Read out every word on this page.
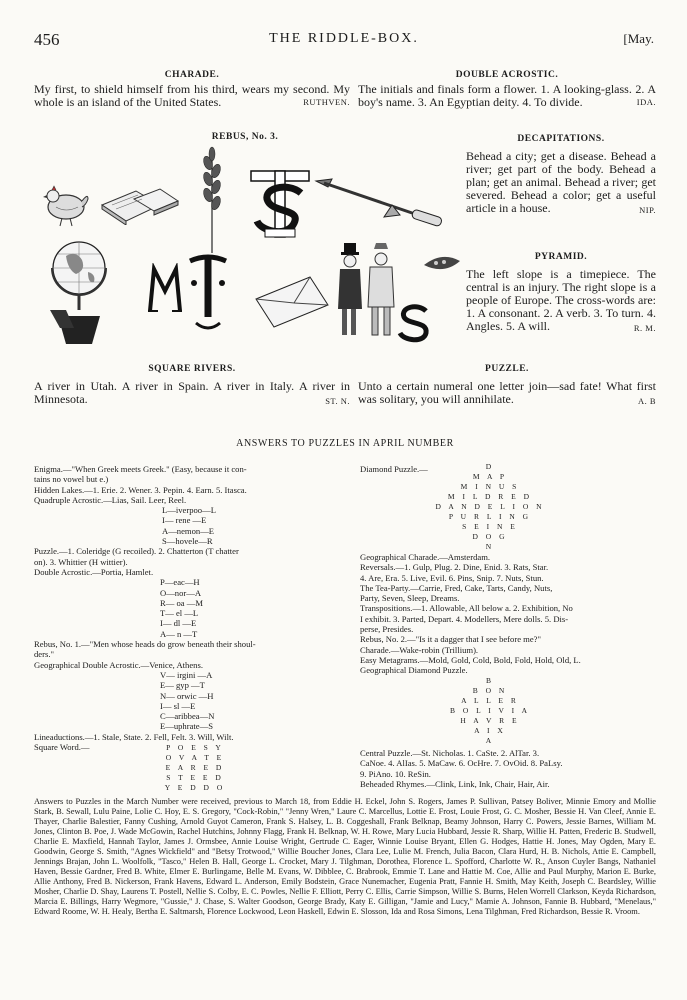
456	THE RIDDLE-BOX.	[May.
CHARADE.
My first, to shield himself from his third, wears my second. My whole is an island of the United States.	RUTHVEN.
DOUBLE ACROSTIC.
The initials and finals form a flower. 1. A looking-glass. 2. A boy's name. 3. An Egyptian deity. 4. To divide.	IDA.
REBUS, No. 3.	DECAPITATIONS.
Behead a city; get a disease. Behead a river; get part of the body. Behead a plan; get an animal. Behead a river; get severed. Behead a color; get a useful article in a house.	NIP.
PYRAMID.
The left slope is a timepiece. The central is an injury. The right slope is a people of Europe. The cross-words are: 1. A consonant. 2. A verb. 3. To turn. 4. Angles. 5. A will.	R. M.
SQUARE RIVERS.
A river in Utah. A river in Spain. A river in Italy. A river in Minnesota.	ST. N.
PUZZLE.
Unto a certain numeral one letter join—sad fate! What first was solitary, you will annihilate.	A. B
ANSWERS TO PUZZLES IN APRIL NUMBER
Enigma.—"When Greek meets Greek." (Easy, because it con-
tains no vowel but e.)
Hidden Lakes.—1. Erie. 2. Wener. 3. Pepin. 4. Earn. 5. Itasca.
Quadruple Acrostic.—Lias, Sail. Leer, Reel.
L—iverpoo—L
I— rene —E
A—nemon—E
S—hovele—R
Puzzle.—1. Coleridge (G recoiled). 2. Chatterton (T chatter
on). 3. Whittier (H wittier).
Double Acrostic.—Portia, Hamlet.
P—eac—H
O—nor—A
R— oa —M
T— el —L
I— dl —E
A— n —T
Rebus, No. 1.—"Men whose heads do grow beneath their shoul-
ders."
Geographical Double Acrostic.—Venice, Athens.
V— irgini —A
E— gyp —T
N— orwic —H
I— sl —E
C—aribbea—N
E—uphrate—S
Lineaductions.—1. Stale, State. 2. Fell, Felt. 3. Will, Wilt.
Square Word.—	P O E S Y
O V A T E
E A R E D
S T E E D
Y E D D O
Diamond Puzzle.—	D
M A P
M I N U S
M I L D R E D
D A N D E L I O N
P U R L I N G
S E I N E
D O G
N
Geographical Charade.—Amsterdam.
Reversals.—1. Gulp, Plug. 2. Dine, Enid. 3. Rats, Star.
4. Are, Era. 5. Live, Evil. 6. Pins, Snip. 7. Nuts, Stun.
The Tea-Party.—Carrie, Fred, Cake, Tarts, Candy, Nuts,
Party, Seven, Sleep, Dreams.
Transpositions.—1. Allowable, All below a. 2. Exhibition, No
I exhibit. 3. Parted, Depart. 4. Modellers, Mere dolls. 5. Dis-
perse, Presides.
Rebus, No. 2.—"Is it a dagger that I see before me?"
Charade.—Wake-robin (Trillium).
Easy Metagrams.—Mold, Gold, Cold, Bold, Fold, Hold, Old, L.
Geographical Diamond Puzzle.
B
B O N
A L L E R
B O L I V I A
H A V R E
A I X
A
Central Puzzle.—St. Nicholas. 1. CaSte. 2. AlTar. 3.
CaNoe. 4. AlIas. 5. MaCaw. 6. OcHre. 7. OvOid. 8. PaLsy.
9. PiAno. 10. ReSin.
Beheaded Rhymes.—Clink, Link, Ink, Chair, Hair, Air.
Answers to Puzzles in the March Number were received, previous to March 18, from Eddie H. Eckel, John S. Rogers, James P. Sullivan, Patsey Boliver, Minnie Emory and Mollie Stark, B. Sewall, Lulu Paine, Lolie C. Hoy, E. S. Gregory, "Cock-Robin," "Jenny Wren," Laure C. Marcellus, Lottie E. Frost, Louie Frost, G. C. Mosher, Bessie H. Van Cleef, Annie E. Thayer, Charlie Balestier, Fanny Cushing, Arnold Guyot Cameron, Frank S. Halsey, L. B. Coggeshall, Frank Belknap, Beamy Johnson, Harry C. Powers, Jessie Barnes, William M. Jones, Clinton B. Poe, J. Wade McGowin, Rachel Hutchins, Johnny Flagg, Frank H. Belknap, W. H. Rowe, Mary Lucia Hubbard, Jessie R. Sharp, Willie H. Patten, Frederic B. Studwell, Charlie E. Maxfield, Hannah Taylor, James J. Ormsbee, Annie Louise Wright, Gertrude C. Eager, Winnie Louise Bryant, Ellen G. Hodges, Hattie H. Jones, May Ogden, Mary E. Goodwin, George S. Smith, "Agnes Wickfield" and "Betsy Trotwood," Willie Boucher Jones, Clara Lee, Lulie M. French, Julia Bacon, Clara Hurd, H. B. Nichols, Attie E. Campbell, Jennings Brajan, John L. Woolfolk, "Tasco," Helen B. Hall, George L. Crocket, Mary J. Tilghman, Dorothea, Florence L. Spofford, Charlotte W. R., Anson Cuyler Bangs, Nathaniel Haven, Bessie Gardner, Fred B. White, Elmer E. Burlingame, Belle M. Evans, W. Dibblee, C. Brabrook, Emmie T. Lane and Hattie M. Coe, Allie and Paul Murphy, Marion E. Burke, Allie Anthony, Fred B. Nickerson, Frank Havens, Edward L. Anderson, Emily Bodstein, Grace Nunemacher, Eugenia Pratt, Fannie H. Smith, May Keith, Joseph C. Beardsley, Willie Mosher, Charlie D. Shay, Laurens T. Postell, Nellie S. Colby, E. C. Powles, Nellie F. Elliott, Perry C. Ellis, Carrie Simpson, Willie S. Burns, Helen Worrell Clarkson, Keyda Richardson, Marcia E. Billings, Harry Wegmore, "Gussie," J. Chase, S. Walter Goodson, George Brady, Katy E. Gilligan, "Jamie and Lucy," Mamie A. Johnson, Fannie B. Hubbard, "Menelaus," Edward Roome, W. H. Healy, Bertha E. Saltmarsh, Florence Lockwood, Leon Haskell, Edwin E. Slosson, Ida and Rosa Simons, Lena Tilghman, Fred Richardson, Bessie R. Vroom.
